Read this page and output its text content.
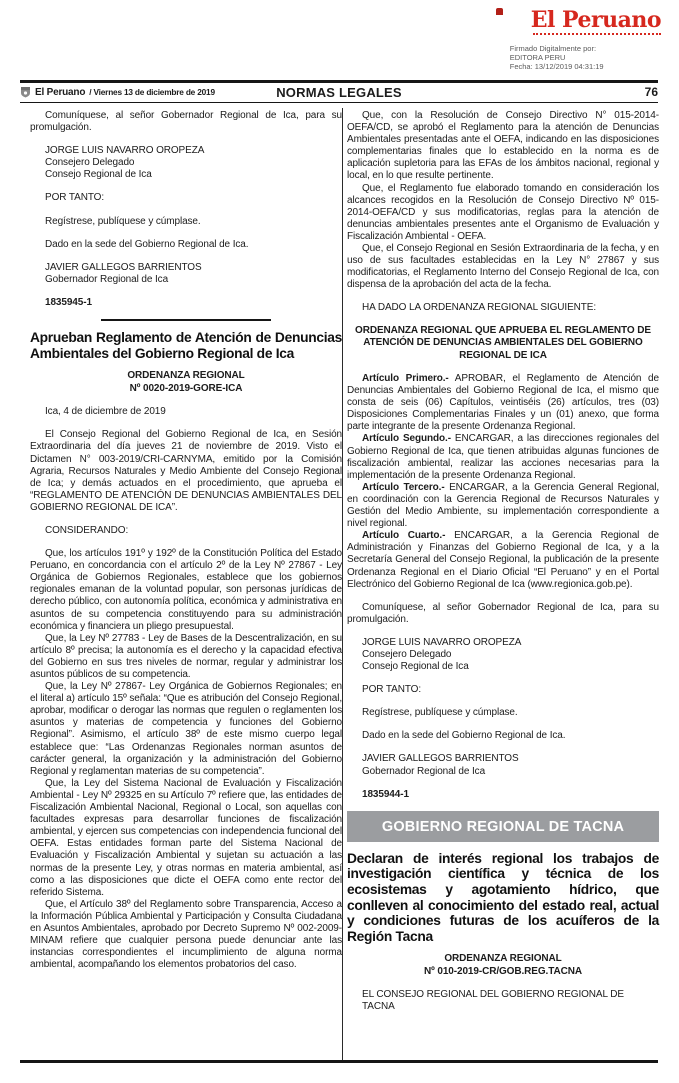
El Peruano
Firmado Digitalmente por:
EDITORA PERU
Fecha: 13/12/2019 04:31:19
El Peruano / Viernes 13 de diciembre de 2019	NORMAS LEGALES	76

Comuníquese, al señor Gobernador Regional de Ica, para su promulgación.

JORGE LUIS NAVARRO OROPEZA
Consejero Delegado
Consejo Regional de Ica
POR TANTO:
Regístrese, publíquese y cúmplase.
Dado en la sede del Gobierno Regional de Ica.
JAVIER GALLEGOS BARRIENTOS
Gobernador Regional de Ica
1835945-1
Aprueban Reglamento de Atención de Denuncias Ambientales del Gobierno Regional de Ica
ORDENANZA REGIONAL
Nº 0020-2019-GORE-ICA
Ica, 4 de diciembre de 2019

El Consejo Regional del Gobierno Regional de Ica, en Sesión Extraordinaria del día jueves 21 de noviembre de 2019. Visto el Dictamen N° 003-2019/CRI-CARNYMA, emitido por la Comisión Agraria, Recursos Naturales y Medio Ambiente del Consejo Regional de Ica; y demás actuados en el procedimiento, que aprueba el “REGLAMENTO DE ATENCIÓN DE DENUNCIAS AMBIENTALES DEL GOBIERNO REGIONAL DE ICA”.

CONSIDERANDO:

Que, los artículos 191º y 192º de la Constitución Política del Estado Peruano, en concordancia con el artículo 2º de la Ley Nº 27867 - Ley Orgánica de Gobiernos Regionales, establece que los gobiernos regionales emanan de la voluntad popular, son personas jurídicas de derecho público, con autonomía política, económica y administrativa en asuntos de su competencia constituyendo para su administración económica y financiera un pliego presupuestal.

Que, la Ley Nº 27783 - Ley de Bases de la Descentralización, en su artículo 8º precisa; la autonomía es el derecho y la capacidad efectiva del Gobierno en sus tres niveles de normar, regular y administrar los asuntos públicos de su competencia.

Que, la Ley Nº 27867- Ley Orgánica de Gobiernos Regionales; en el literal a) artículo 15º señala: “Que es atribución del Consejo Regional, aprobar, modificar o derogar las normas que regulen o reglamenten los asuntos y materias de competencia y funciones del Gobierno Regional”. Asimismo, el artículo 38º de este mismo cuerpo legal establece que: “Las Ordenanzas Regionales norman asuntos de carácter general, la organización y la administración del Gobierno Regional y reglamentan materias de su competencia”.

Que, la Ley del Sistema Nacional de Evaluación y Fiscalización Ambiental - Ley Nº 29325 en su Artículo 7º refiere que, las entidades de Fiscalización Ambiental Nacional, Regional o Local, son aquellas con facultades expresas para desarrollar funciones de fiscalización ambiental, y ejercen sus competencias con independencia funcional del OEFA. Estas entidades forman parte del Sistema Nacional de Evaluación y Fiscalización Ambiental y sujetan su actuación a las normas de la presente Ley, y otras normas en materia ambiental, así como a las disposiciones que dicte el OEFA como ente rector del referido Sistema.

Que, el Artículo 38º del Reglamento sobre Transparencia, Acceso a la Información Pública Ambiental y Participación y Consulta Ciudadana en Asuntos Ambientales, aprobado por Decreto Supremo Nº 002-2009-MINAM refiere que cualquier persona puede denunciar ante las instancias correspondientes el incumplimiento de alguna norma ambiental, acompañando los elementos probatorios del caso.

Que, con la Resolución de Consejo Directivo N° 015-2014-OEFA/CD, se aprobó el Reglamento para la atención de Denuncias Ambientales presentadas ante el OEFA, indicando en las disposiciones complementarias finales que lo establecido en la norma es de aplicación supletoria para las EFAs de los ámbitos nacional, regional y local, en lo que resulte pertinente.

Que, el Reglamento fue elaborado tomando en consideración los alcances recogidos en la Resolución de Consejo Directivo Nº 015-2014-OEFA/CD y sus modificatorias, reglas para la atención de denuncias ambientales presentes ante el Organismo de Evaluación y Fiscalización Ambiental - OEFA.

Que, el Consejo Regional en Sesión Extraordinaria de la fecha, y en uso de sus facultades establecidas en la Ley N° 27867 y sus modificatorias, el Reglamento Interno del Consejo Regional de Ica, con dispensa de la aprobación del acta de la fecha.

HA DADO LA ORDENANZA REGIONAL SIGUIENTE:
ORDENANZA REGIONAL QUE APRUEBA EL REGLAMENTO DE ATENCIÓN DE DENUNCIAS AMBIENTALES DEL GOBIERNO REGIONAL DE ICA

Artículo Primero.- APROBAR, el Reglamento de Atención de Denuncias Ambientales del Gobierno Regional de Ica, el mismo que consta de seis (06) Capítulos, veintiséis (26) artículos, tres (03) Disposiciones Complementarias Finales y un (01) anexo, que forma parte integrante de la presente Ordenanza Regional.

Artículo Segundo.- ENCARGAR, a las direcciones regionales del Gobierno Regional de Ica, que tienen atribuidas algunas funciones de fiscalización ambiental, realizar las acciones necesarias para la implementación de la presente Ordenanza Regional.

Artículo Tercero.- ENCARGAR, a la Gerencia General Regional, en coordinación con la Gerencia Regional de Recursos Naturales y Gestión del Medio Ambiente, su implementación correspondiente a nivel regional.

Artículo Cuarto.- ENCARGAR, a la Gerencia Regional de Administración y Finanzas del Gobierno Regional de Ica, y a la Secretaría General del Consejo Regional, la publicación de la presente Ordenanza Regional en el Diario Oficial “El Peruano” y en el Portal Electrónico del Gobierno Regional de Ica (www.regionica.gob.pe).

Comuníquese, al señor Gobernador Regional de Ica, para su promulgación.

JORGE LUIS NAVARRO OROPEZA
Consejero Delegado
Consejo Regional de Ica
POR TANTO:
Regístrese, publíquese y cúmplase.
Dado en la sede del Gobierno Regional de Ica.
JAVIER GALLEGOS BARRIENTOS
Gobernador Regional de Ica
1835944-1
GOBIERNO REGIONAL DE TACNA
Declaran de interés regional los trabajos de investigación científica y técnica de los ecosistemas y agotamiento hídrico, que conlleven al conocimiento del estado real, actual y condiciones futuras de los acuíferos de la Región Tacna
ORDENANZA REGIONAL
Nº 010-2019-CR/GOB.REG.TACNA
EL CONSEJO REGIONAL DEL GOBIERNO REGIONAL DE TACNA
